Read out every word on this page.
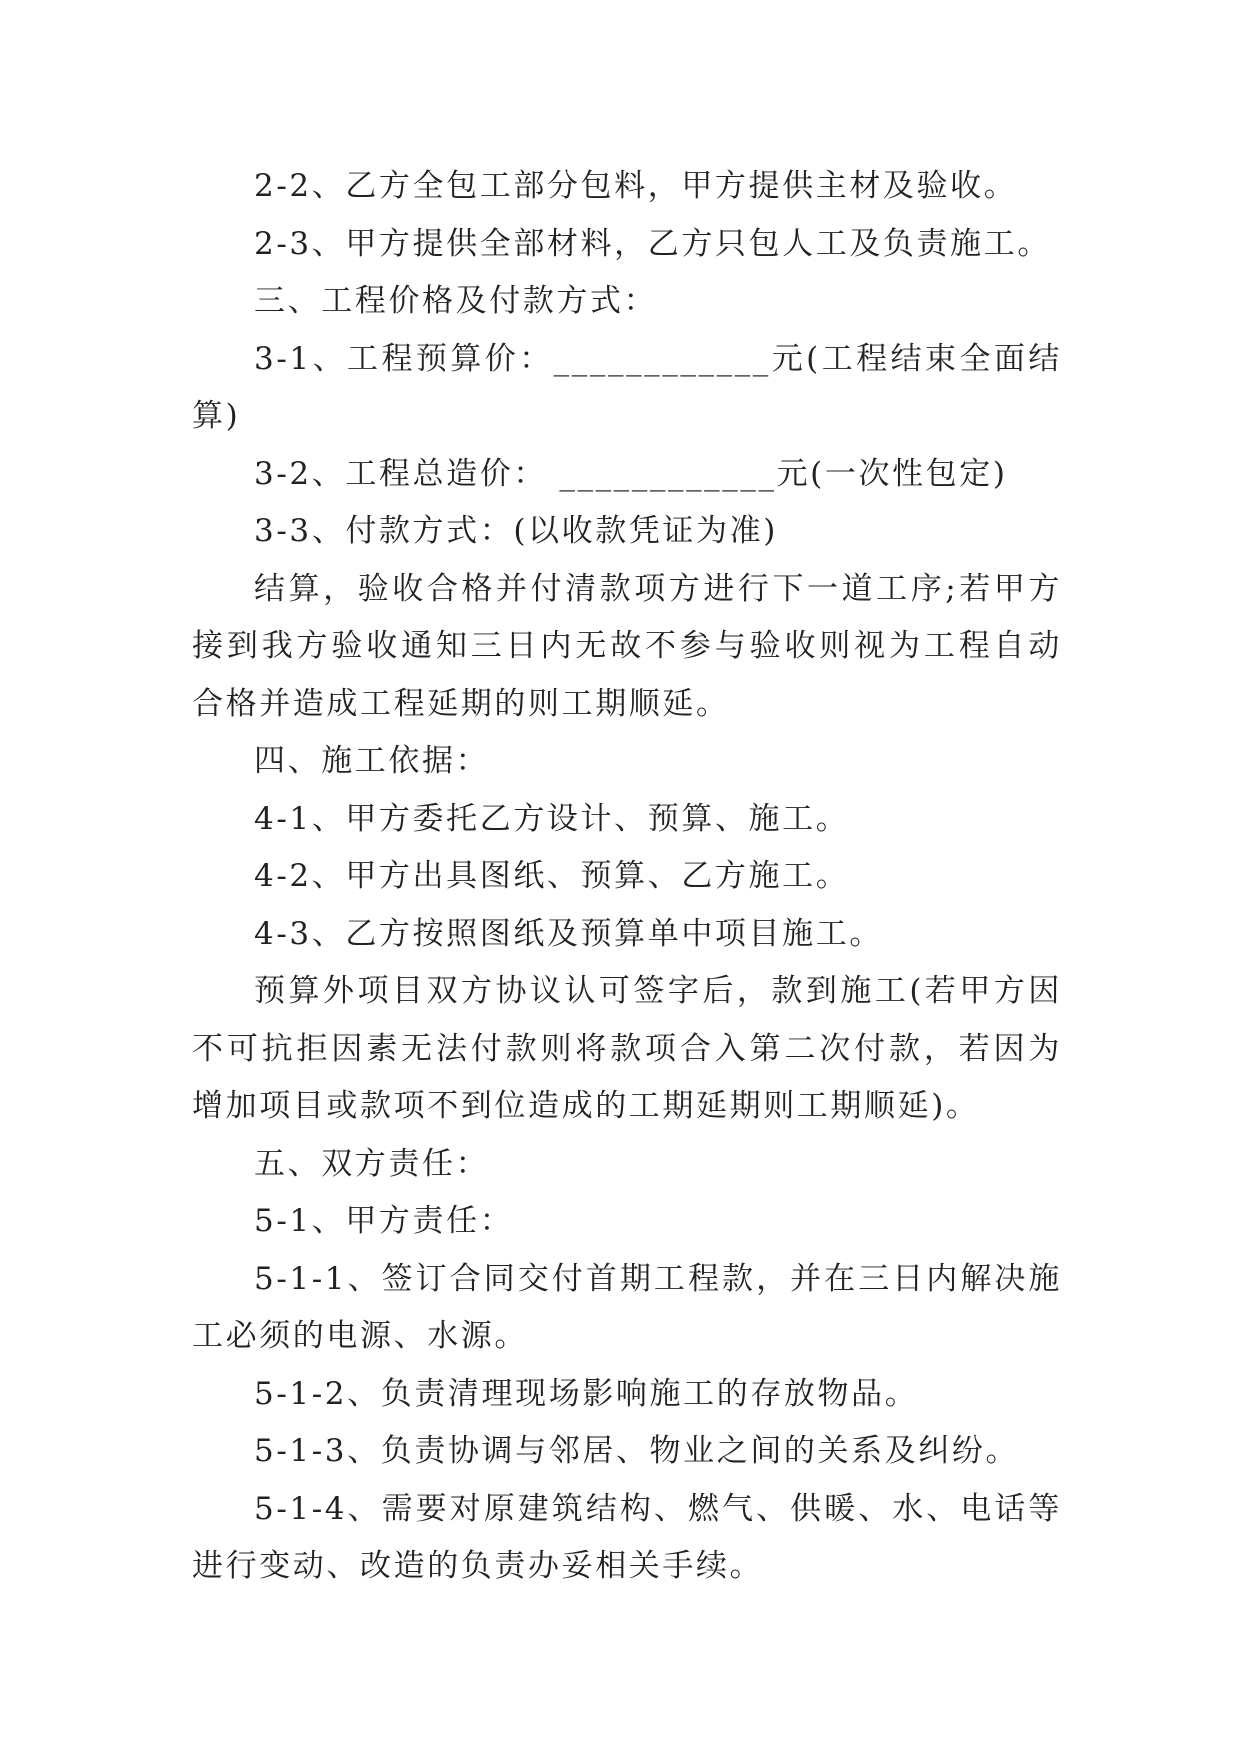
2-2、乙方全包工部分包料，甲方提供主材及验收。

2-3、甲方提供全部材料，乙方只包人工及负责施工。

三、工程价格及付款方式：

3-1、工程预算价：____________元(工程结束全面结算)

3-2、工程总造价： ____________元(一次性包定)

3-3、付款方式：(以收款凭证为准)

结算，验收合格并付清款项方进行下一道工序;若甲方接到我方验收通知三日内无故不参与验收则视为工程自动合格并造成工程延期的则工期顺延。

四、施工依据：

4-1、甲方委托乙方设计、预算、施工。

4-2、甲方出具图纸、预算、乙方施工。

4-3、乙方按照图纸及预算单中项目施工。

预算外项目双方协议认可签字后，款到施工(若甲方因不可抗拒因素无法付款则将款项合入第二次付款，若因为增加项目或款项不到位造成的工期延期则工期顺延)。

五、双方责任：

5-1、甲方责任：

5-1-1、签订合同交付首期工程款，并在三日内解决施工必须的电源、水源。

5-1-2、负责清理现场影响施工的存放物品。

5-1-3、负责协调与邻居、物业之间的关系及纠纷。

5-1-4、需要对原建筑结构、燃气、供暖、水、电话等进行变动、改造的负责办妥相关手续。
